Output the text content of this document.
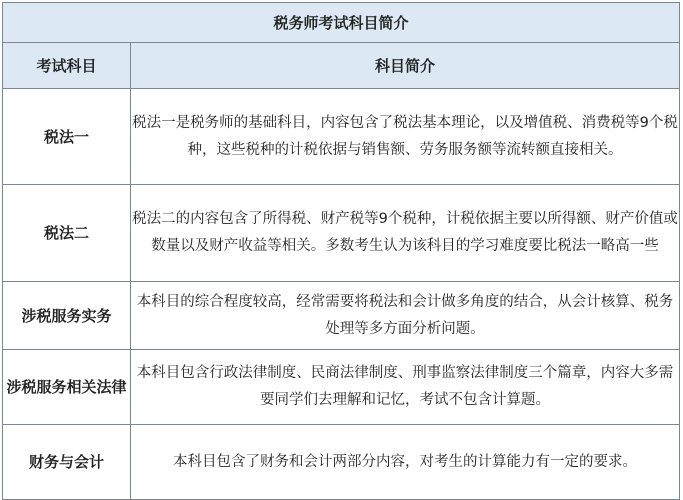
税务师考试科目简介	
考试科目	科目简介
税法一	税法一是税务师的基础科目，内容包含了税法基本理论，以及增值税、消费税等9个税种，这些税种的计税依据与销售额、劳务服务额等流转额直接相关。
税法二	税法二的内容包含了所得税、财产税等9个税种，计税依据主要以所得额、财产价值或数量以及财产收益等相关。多数考生认为该科目的学习难度要比税法一略高一些
涉税服务实务	本科目的综合程度较高，经常需要将税法和会计做多角度的结合，从会计核算、税务处理等多方面分析问题。
涉税服务相关法律	本科目包含行政法律制度、民商法律制度、刑事监察法律制度三个篇章，内容大多需要同学们去理解和记忆，考试不包含计算题。
财务与会计	本科目包含了财务和会计两部分内容，对考生的计算能力有一定的要求。
